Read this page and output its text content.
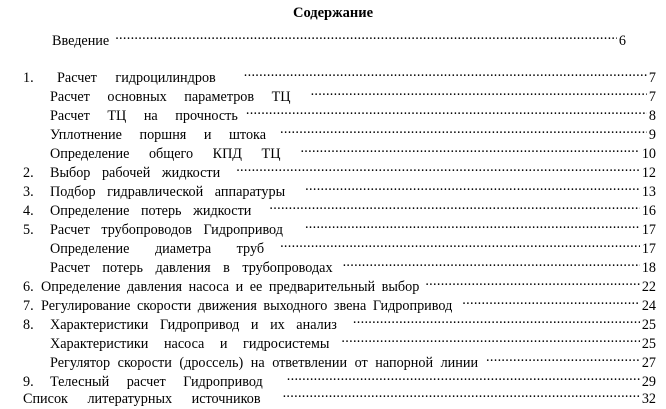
Содержание
Введение .....	6
1.	Расчет гидроцилиндров .....	7
Расчет основных параметров ТЦ .....	7
Расчет ТЦ на прочность .....	8
Уплотнение поршня и штока .....	9
Определение общего КПД ТЦ .....	10
2.	Выбор рабочей жидкости .....	12
3.	Подбор гидравлической аппаратуры .....	13
4.	Определение потерь жидкости .....	16
5.	Расчет трубопроводов Гидропривод .....	17
Определение диаметра труб .....	17
Расчет потерь давления в трубопроводах .....	18
6. Определение давления насоса и ее предварительный выбор .....	22
7. Регулирование скорости движения выходного звена Гидропривод .....	24
8.	Характеристики Гидропривод и их анализ .....	25
Характеристики насоса и гидросистемы .....	25
Регулятор скорости (дроссель) на ответвлении от напорной линии .....	27
9.	Телесный расчет Гидропривод .....	29
Список литературных источников .....	32
